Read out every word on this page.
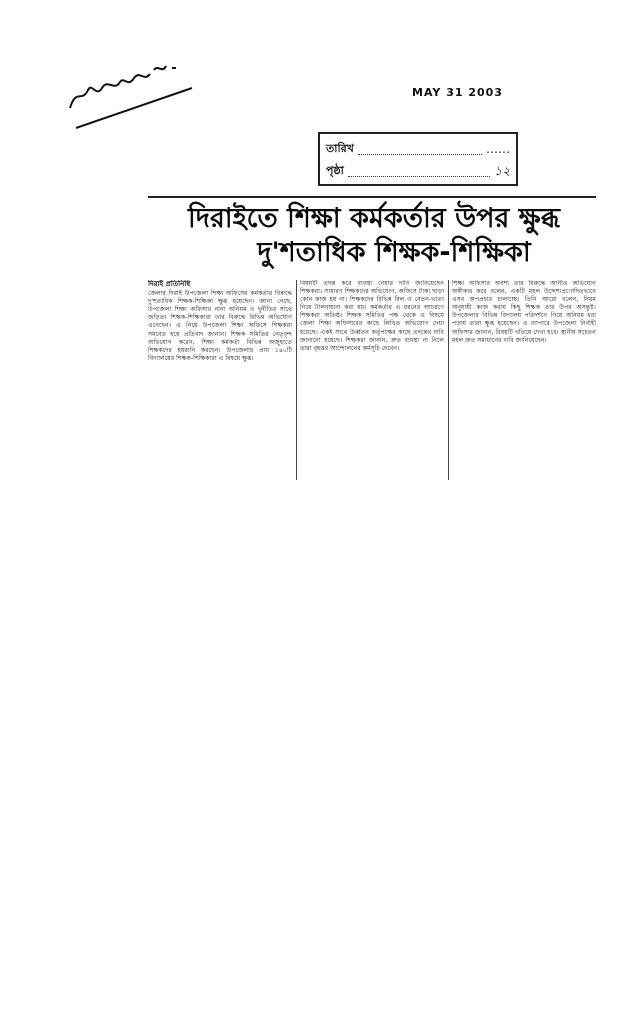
MAY 31 2003
তারিখ	……
পৃষ্ঠা	১২
দিরাইতে শিক্ষা কর্মকর্তার উপর ক্ষুব্ধ
দু'শতাধিক শিক্ষক-শিক্ষিকা
দিরাই প্রতিনিধি

জেলার দিরাই উপজেলা শিক্ষা অফিসের কর্মকর্তার বিরুদ্ধে দু'শতাধিক শিক্ষক-শিক্ষিকা ক্ষুব্ধ হয়েছেন। জানা গেছে, উপজেলা শিক্ষা অফিসার নানা অনিয়ম ও দুর্নীতির সাথে জড়িত। শিক্ষক-শিক্ষিকারা তার বিরুদ্ধে বিভিন্ন অভিযোগ এনেছেন। এ নিয়ে উপজেলা শিক্ষা অফিসে শিক্ষকরা সমবেত হয়ে প্রতিবাদ জানান। শিক্ষক সমিতির নেতৃবৃন্দ অভিযোগ করেন, শিক্ষা কর্মকর্তা বিভিন্ন অজুহাতে শিক্ষকদের হয়রানি করছেন। উপজেলার প্রায় ১৪০টি বিদ্যালয়ের শিক্ষক-শিক্ষিকারা এ বিষয়ে ক্ষুব্ধ।

বিষয়টি তদন্ত করে ব্যবস্থা নেয়ার দাবি জানিয়েছেন শিক্ষকরা। সাধারণ শিক্ষকদের অভিযোগ, অফিসে টাকা ছাড়া কোন কাজ হয় না। শিক্ষকদের বিভিন্ন বিল ও বেতন-ভাতা নিয়ে টালবাহানা করা হয়। কর্মকর্তার এ ধরনের আচরণে শিক্ষকরা অতিষ্ঠ। শিক্ষক সমিতির পক্ষ থেকে এ বিষয়ে জেলা শিক্ষা অফিসারের কাছে লিখিত অভিযোগ দেয়া হয়েছে। একই সাথে উর্ধ্বতন কর্তৃপক্ষের কাছে তদন্তের দাবি জানানো হয়েছে। শিক্ষকরা জানান, দ্রুত ব্যবস্থা না নিলে তারা বৃহত্তর আন্দোলনের কর্মসূচি দেবেন।

শিক্ষা অফিসার অবশ্য তার বিরুদ্ধে আনীত অভিযোগ অস্বীকার করে বলেন, একটি মহল উদ্দেশ্যপ্রণোদিতভাবে এসব অপপ্রচার চালাচ্ছে। তিনি আরো বলেন, নিয়ম অনুযায়ী কাজ করায় কিছু শিক্ষক তার উপর অসন্তুষ্ট। উপজেলার বিভিন্ন বিদ্যালয় পরিদর্শনে গিয়ে অনিয়ম ধরা পড়ায় তারা ক্ষুব্ধ হয়েছেন। এ ব্যাপারে উপজেলা নির্বাহী অফিসার জানান, বিষয়টি খতিয়ে দেখা হবে। স্থানীয় সচেতন মহল দ্রুত সমাধানের দাবি জানিয়েছেন।
